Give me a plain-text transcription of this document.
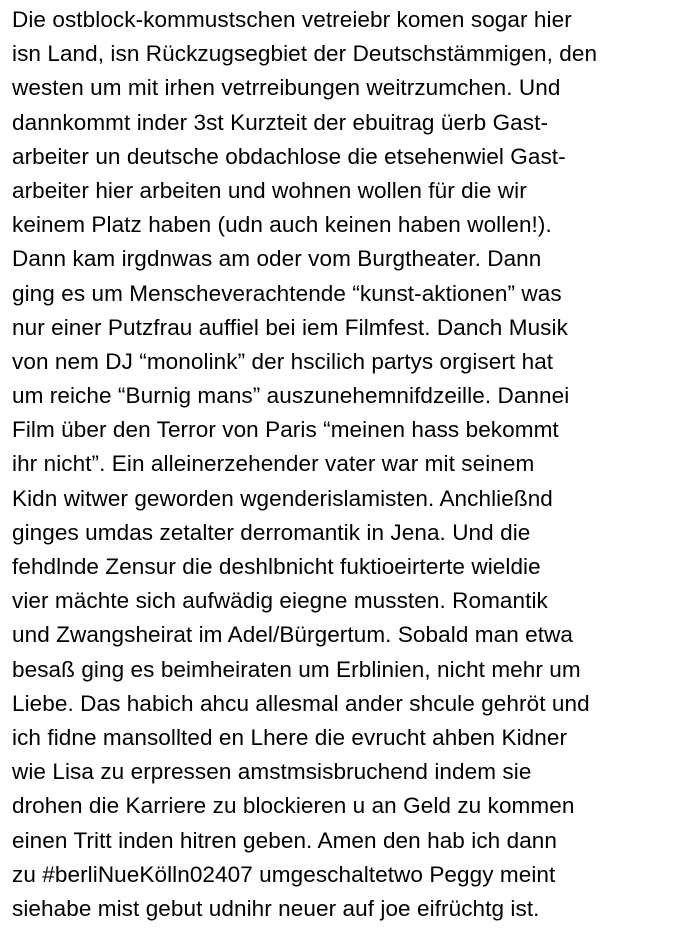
Die ostblock-kommustschen vetreiebr komen sogar hier
isn Land, isn Rückzugsegbiet der Deutschstämmigen, den
westen um mit irhen vetrreibungen weitrzumchen. Und
dannkommt inder 3st Kurzteit der ebuitrag üerb Gast-
arbeiter un deutsche obdachlose die etsehenwiel Gast-
arbeiter hier arbeiten und wohnen wollen für die wir
keinem Platz haben (udn auch keinen haben wollen!).
Dann kam irgdnwas am oder vom Burgtheater. Dann
ging es um Menscheverachtende “kunst-aktionen” was
nur einer Putzfrau auffiel bei iem Filmfest. Danch Musik
von nem DJ “monolink” der hscilich partys orgisert hat
um reiche “Burnig mans” auszunehemnifdzeille. Dannei
Film über den Terror von Paris “meinen hass bekommt
ihr nicht”. Ein alleinerzehender vater war mit seinem
Kidn witwer geworden wgenderislamisten. Anchließnd
ginges umdas zetalter derromantik in Jena. Und die
fehdlnde Zensur die deshlbnicht fuktioeirterte wieldie
vier mächte sich aufwädig eiegne mussten. Romantik
und Zwangsheirat im Adel/Bürgertum. Sobald man etwa
besaß ging es beimheiraten um Erblinien, nicht mehr um
Liebe. Das habich ahcu allesmal ander shcule gehröt und
ich fidne mansollted en Lhere die evrucht ahben Kidner
wie Lisa zu erpressen amstmsisbruchend indem sie
drohen die Karriere zu blockieren u an Geld zu kommen
einen Tritt inden hitren geben. Amen den hab ich dann
zu #berliNueKölln02407 umgeschaltetwo Peggy meint
siehabe mist gebut udnihr neuer auf joe eifrüchtg ist.
